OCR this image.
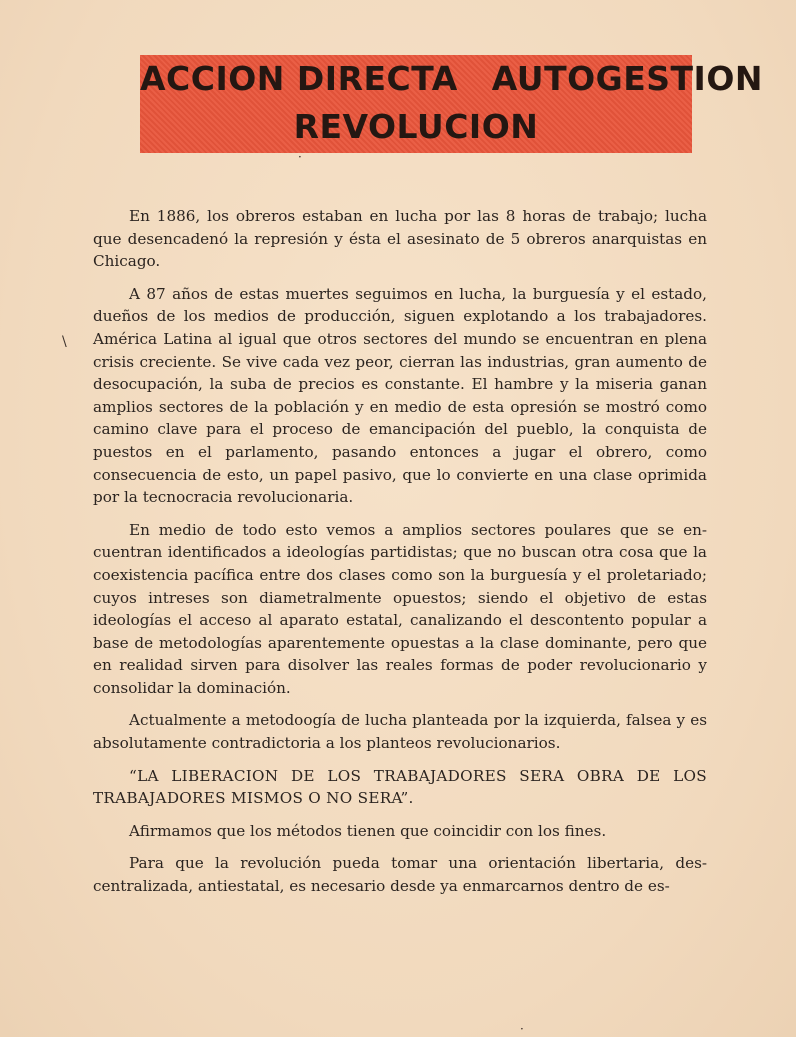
ACCION DIRECTA AUTOGESTION
REVOLUCION
·
\

En 1886, los obreros estaban en lucha por las 8 horas de trabajo; lucha que desencadenó la represión y ésta el asesinato de 5 obreros anarquistas en Chicago.

A 87 años de estas muertes seguimos en lucha, la burguesía y el estado, dueños de los medios de producción, siguen explotando a los trabajadores. América Latina al igual que otros sectores del mundo se encuentran en plena crisis creciente. Se vive cada vez peor, cierran las industrias, gran aumento de desocupación, la suba de precios es constante. El hambre y la miseria ganan amplios sectores de la población y en medio de esta opresión se mostró como camino clave para el proceso de emancipación del pueblo, la conquista de puestos en el parlamento, pasando entonces a jugar el obrero, como consecuencia de esto, un papel pasivo, que lo convierte en una clase oprimida por la tecnocracia revolucionaria.

En medio de todo esto vemos a amplios sectores poulares que se encuentran identificados a ideologías partidistas; que no buscan otra cosa que la coexistencia pacífica entre dos clases como son la burguesía y el proletariado; cuyos intreses son diametralmente opuestos; siendo el objetivo de estas ideologías el acceso al aparato estatal, canalizando el descontento popular a base de metodologías aparentemente opuestas a la clase dominante, pero que en realidad sirven para disolver las reales formas de poder revolucionario y consolidar la dominación.

Actualmente a metodoogía de lucha planteada por la izquierda, falsea y es absolutamente contradictoria a los planteos revolucionarios.

“LA LIBERACION DE LOS TRABAJADORES SERA OBRA DE LOS TRABAJADORES MISMOS O NO SERA”.

Afirmamos que los métodos tienen que coincidir con los fines.

Para que la revolución pueda tomar una orientación libertaria, descentralizada, antiestatal, es necesario desde ya enmarcarnos dentro de es-

·
